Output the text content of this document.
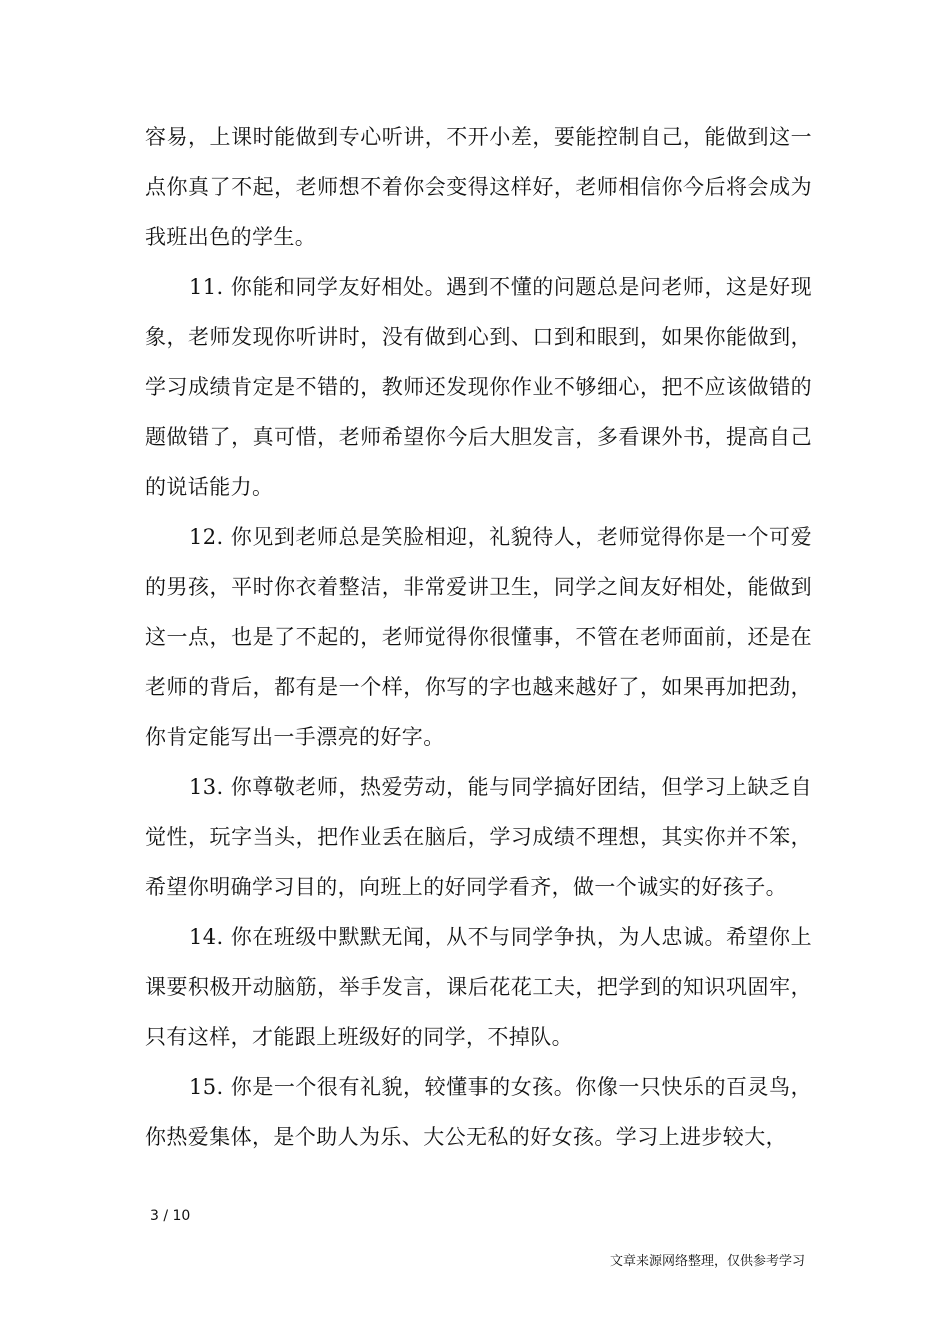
容易，上课时能做到专心听讲，不开小差，要能控制自己，能做到这一点你真了不起，老师想不着你会变得这样好，老师相信你今后将会成为我班出色的学生。

11. 你能和同学友好相处。遇到不懂的问题总是问老师，这是好现象，老师发现你听讲时，没有做到心到、口到和眼到，如果你能做到，学习成绩肯定是不错的，教师还发现你作业不够细心，把不应该做错的题做错了，真可惜，老师希望你今后大胆发言，多看课外书，提高自己的说话能力。

12. 你见到老师总是笑脸相迎，礼貌待人，老师觉得你是一个可爱的男孩，平时你衣着整洁，非常爱讲卫生，同学之间友好相处，能做到这一点，也是了不起的，老师觉得你很懂事，不管在老师面前，还是在老师的背后，都有是一个样，你写的字也越来越好了，如果再加把劲，你肯定能写出一手漂亮的好字。

13. 你尊敬老师，热爱劳动，能与同学搞好团结，但学习上缺乏自觉性，玩字当头，把作业丢在脑后，学习成绩不理想，其实你并不笨，希望你明确学习目的，向班上的好同学看齐，做一个诚实的好孩子。

14. 你在班级中默默无闻，从不与同学争执，为人忠诚。希望你上课要积极开动脑筋，举手发言，课后花花工夫，把学到的知识巩固牢，只有这样，才能跟上班级好的同学，不掉队。

15. 你是一个很有礼貌，较懂事的女孩。你像一只快乐的百灵鸟，你热爱集体，是个助人为乐、大公无私的好女孩。学习上进步较大，

3 / 10
文章来源网络整理，仅供参考学习
